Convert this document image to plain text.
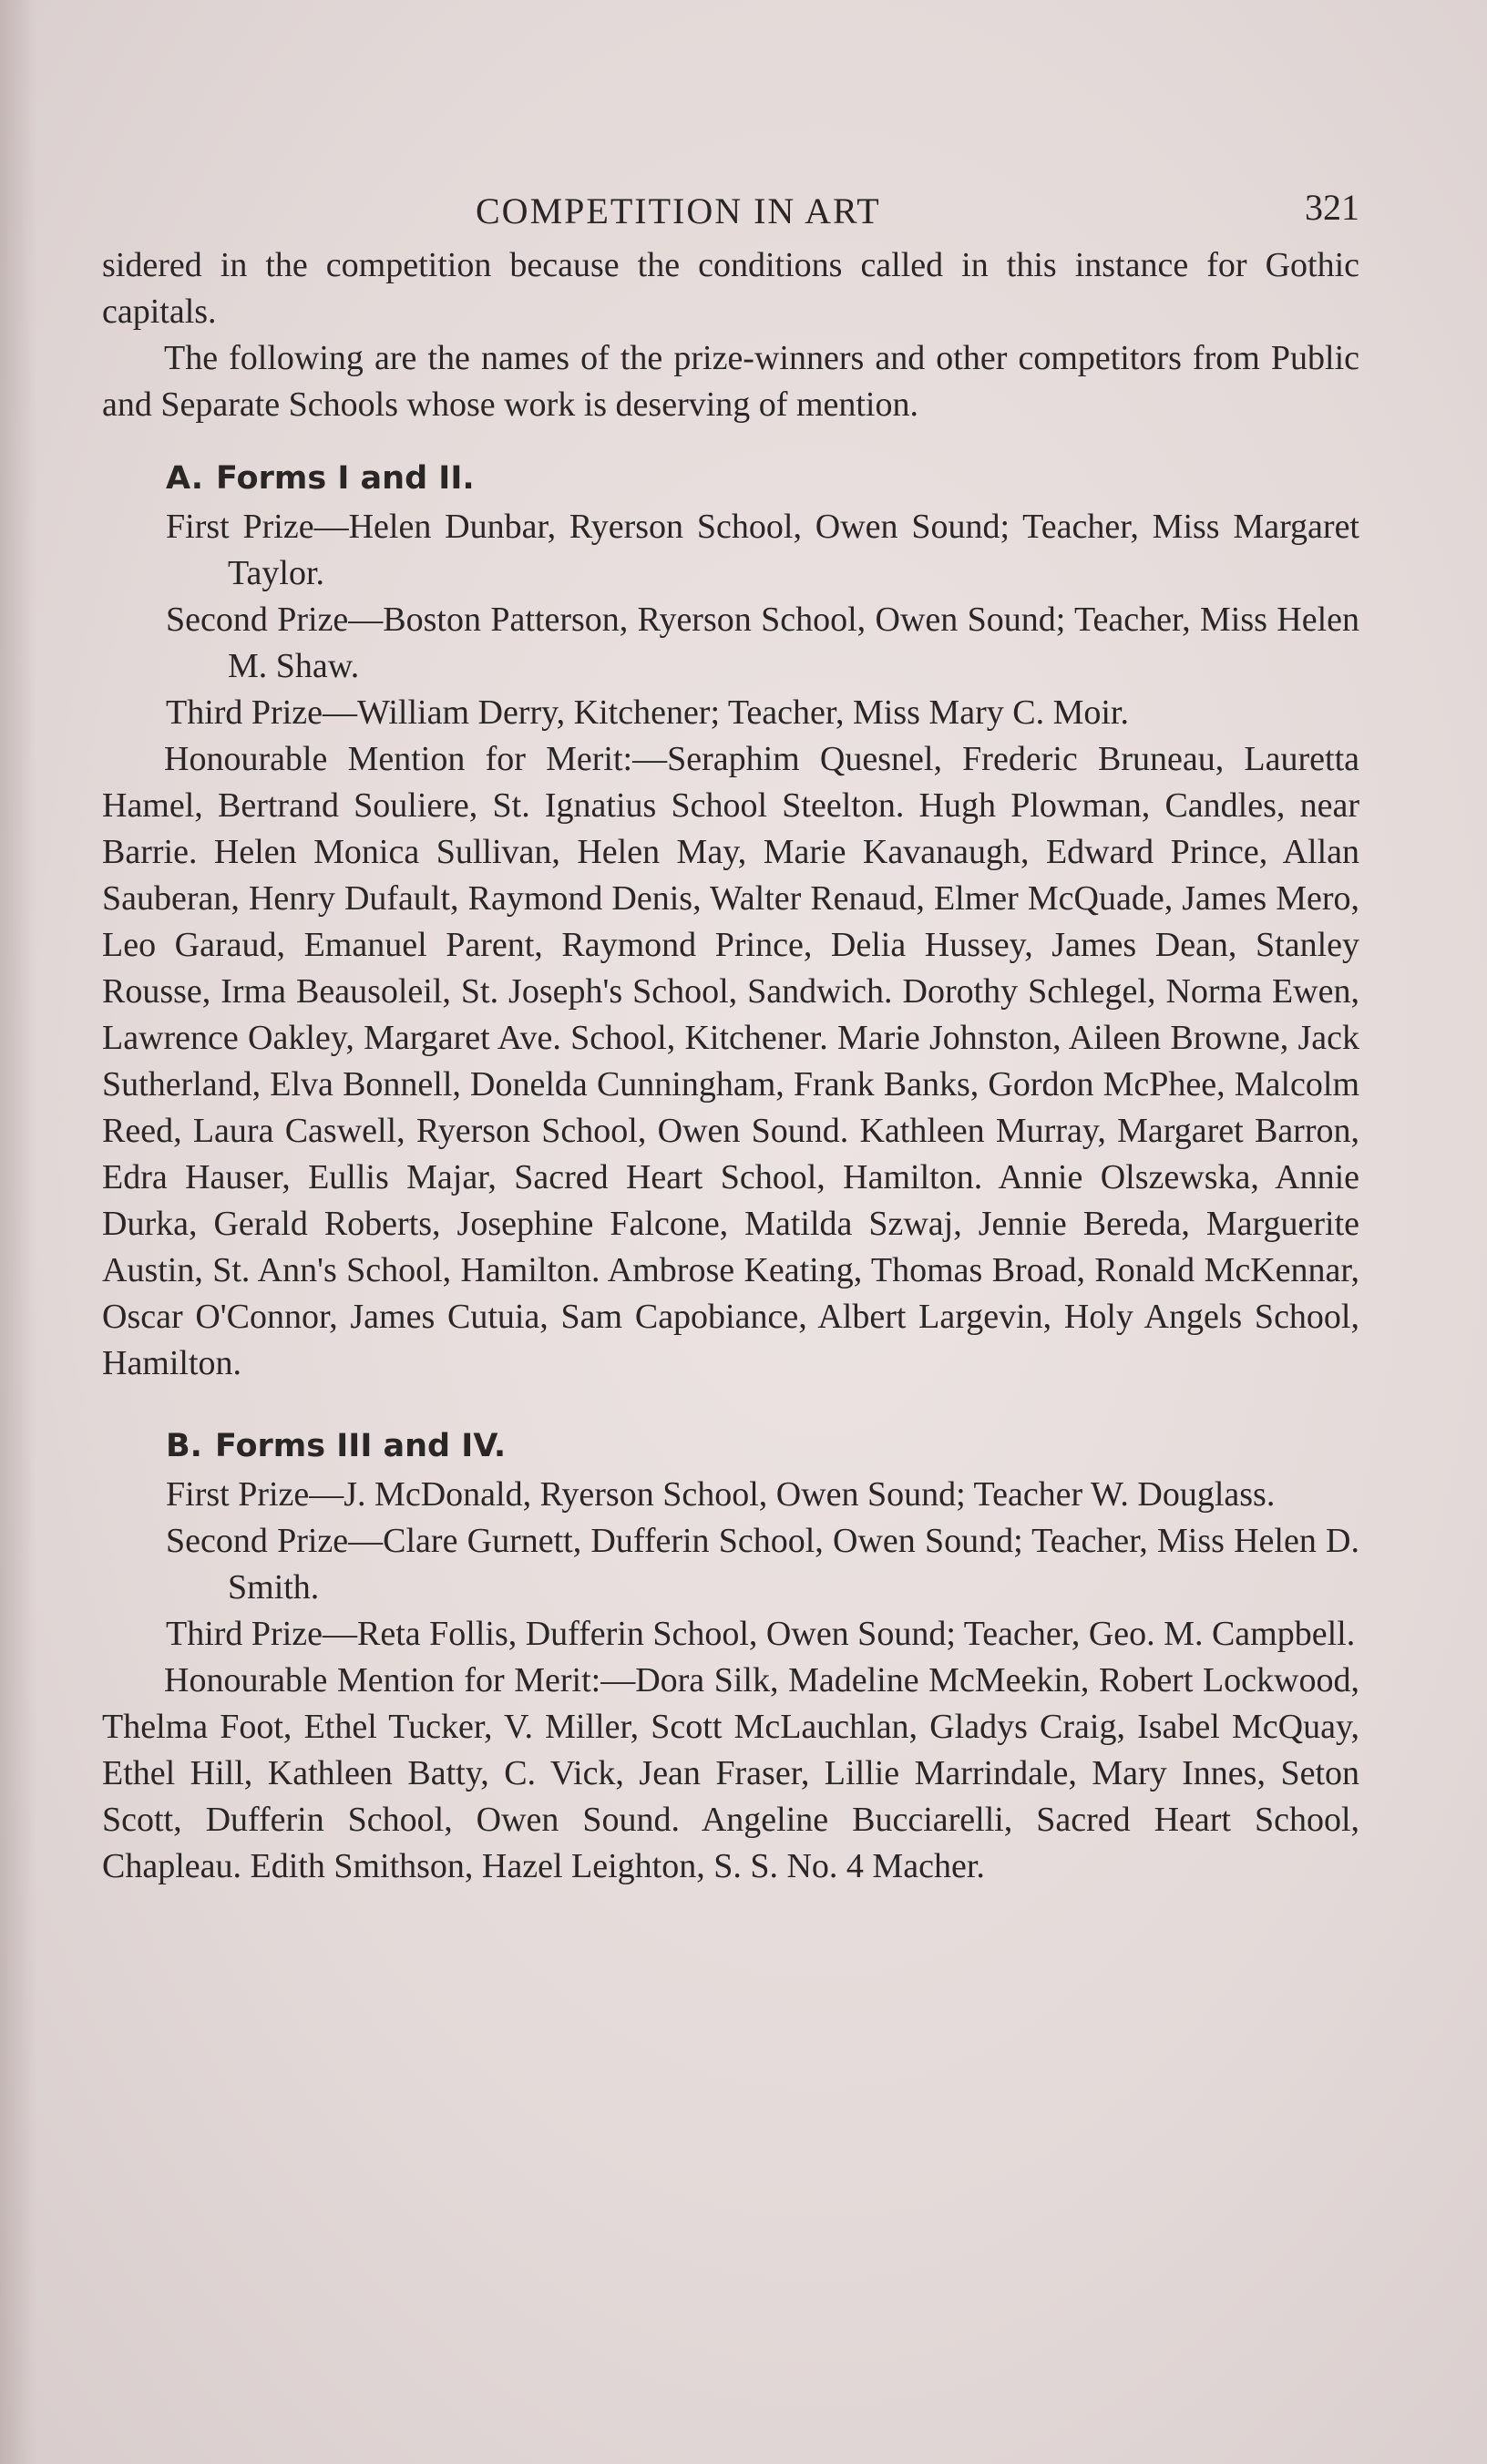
COMPETITION IN ART	321

sidered in the competition because the conditions called in this instance for Gothic capitals.

The following are the names of the prize-winners and other competitors from Public and Separate Schools whose work is deserving of mention.

A. Forms I and II.

First Prize—Helen Dunbar, Ryerson School, Owen Sound; Teacher, Miss Margaret Taylor.

Second Prize—Boston Patterson, Ryerson School, Owen Sound; Teacher, Miss Helen M. Shaw.

Third Prize—William Derry, Kitchener; Teacher, Miss Mary C. Moir.

Honourable Mention for Merit:—Seraphim Quesnel, Frederic Bruneau, Lauretta Hamel, Bertrand Souliere, St. Ignatius School Steelton. Hugh Plowman, Candles, near Barrie. Helen Monica Sullivan, Helen May, Marie Kavanaugh, Edward Prince, Allan Sauberan, Henry Dufault, Raymond Denis, Walter Renaud, Elmer McQuade, James Mero, Leo Garaud, Emanuel Parent, Raymond Prince, Delia Hussey, James Dean, Stanley Rousse, Irma Beausoleil, St. Joseph's School, Sandwich. Dorothy Schlegel, Norma Ewen, Lawrence Oakley, Margaret Ave. School, Kitchener. Marie Johnston, Aileen Browne, Jack Sutherland, Elva Bonnell, Donelda Cunningham, Frank Banks, Gordon McPhee, Malcolm Reed, Laura Caswell, Ryerson School, Owen Sound. Kathleen Murray, Margaret Barron, Edra Hauser, Eullis Majar, Sacred Heart School, Hamilton. Annie Olszewska, Annie Durka, Gerald Roberts, Josephine Falcone, Matilda Szwaj, Jennie Bereda, Marguerite Austin, St. Ann's School, Hamilton. Ambrose Keating, Thomas Broad, Ronald McKennar, Oscar O'Connor, James Cutuia, Sam Capobiance, Albert Largevin, Holy Angels School, Hamilton.

B. Forms III and IV.

First Prize—J. McDonald, Ryerson School, Owen Sound; Teacher W. Douglass.

Second Prize—Clare Gurnett, Dufferin School, Owen Sound; Teacher, Miss Helen D. Smith.

Third Prize—Reta Follis, Dufferin School, Owen Sound; Teacher, Geo. M. Campbell.

Honourable Mention for Merit:—Dora Silk, Madeline McMeekin, Robert Lockwood, Thelma Foot, Ethel Tucker, V. Miller, Scott McLauchlan, Gladys Craig, Isabel McQuay, Ethel Hill, Kathleen Batty, C. Vick, Jean Fraser, Lillie Marrindale, Mary Innes, Seton Scott, Dufferin School, Owen Sound. Angeline Bucciarelli, Sacred Heart School, Chapleau. Edith Smithson, Hazel Leighton, S. S. No. 4 Macher.
